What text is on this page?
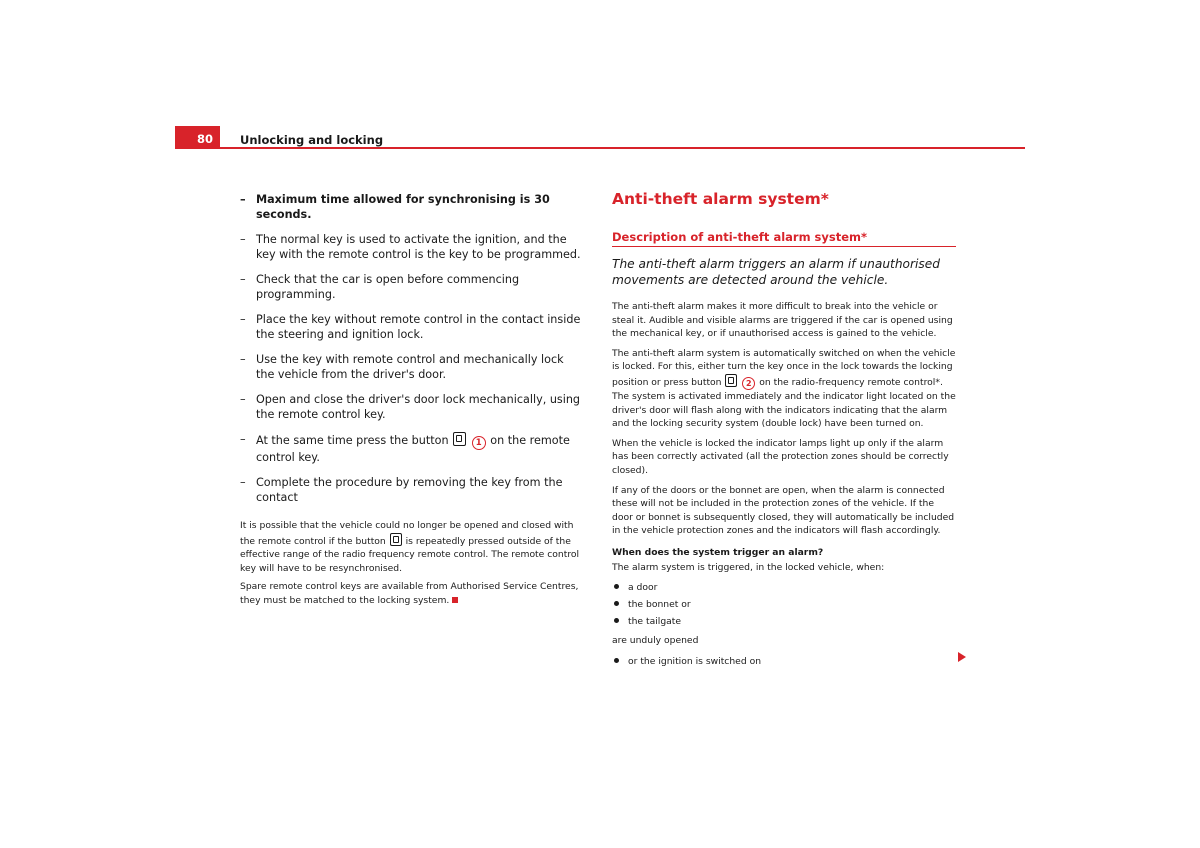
80	Unlocking and locking
– Maximum time allowed for synchronising is 30 seconds.
– The normal key is used to activate the ignition, and the key with the remote control is the key to be programmed.
– Check that the car is open before commencing programming.
– Place the key without remote control in the contact inside the steering and ignition lock.
– Use the key with remote control and mechanically lock the vehicle from the driver's door.
– Open and close the driver's door lock mechanically, using the remote control key.
– At the same time press the button	1 on the remote control key.
– Complete the procedure by removing the key from the contact
It is possible that the vehicle could no longer be opened and closed with the remote control if the button is repeatedly pressed outside of the effective range of the radio frequency remote control. The remote control key will have to be resynchronised.
Spare remote control keys are available from Authorised Service Centres, they must be matched to the locking system.
Anti-theft alarm system*
Description of anti-theft alarm system*

The anti-theft alarm triggers an alarm if unauthorised movements are detected around the vehicle.

The anti-theft alarm makes it more difficult to break into the vehicle or steal it. Audible and visible alarms are triggered if the car is opened using the mechanical key, or if unauthorised access is gained to the vehicle.

The anti-theft alarm system is automatically switched on when the vehicle is locked. For this, either turn the key once in the lock towards the locking position or press button	2 on the radio-frequency remote control*. The system is activated immediately and the indicator light located on the driver's door will flash along with the indicators indicating that the alarm and the locking security system (double lock) have been turned on.

When the vehicle is locked the indicator lamps light up only if the alarm has been correctly activated (all the protection zones should be correctly closed).

If any of the doors or the bonnet are open, when the alarm is connected these will not be included in the protection zones of the vehicle. If the door or bonnet is subsequently closed, they will automatically be included in the vehicle protection zones and the indicators will flash accordingly.

When does the system trigger an alarm?

The alarm system is triggered, in the locked vehicle, when:

a door
the bonnet or
the tailgate

are unduly opened

or the ignition is switched on
